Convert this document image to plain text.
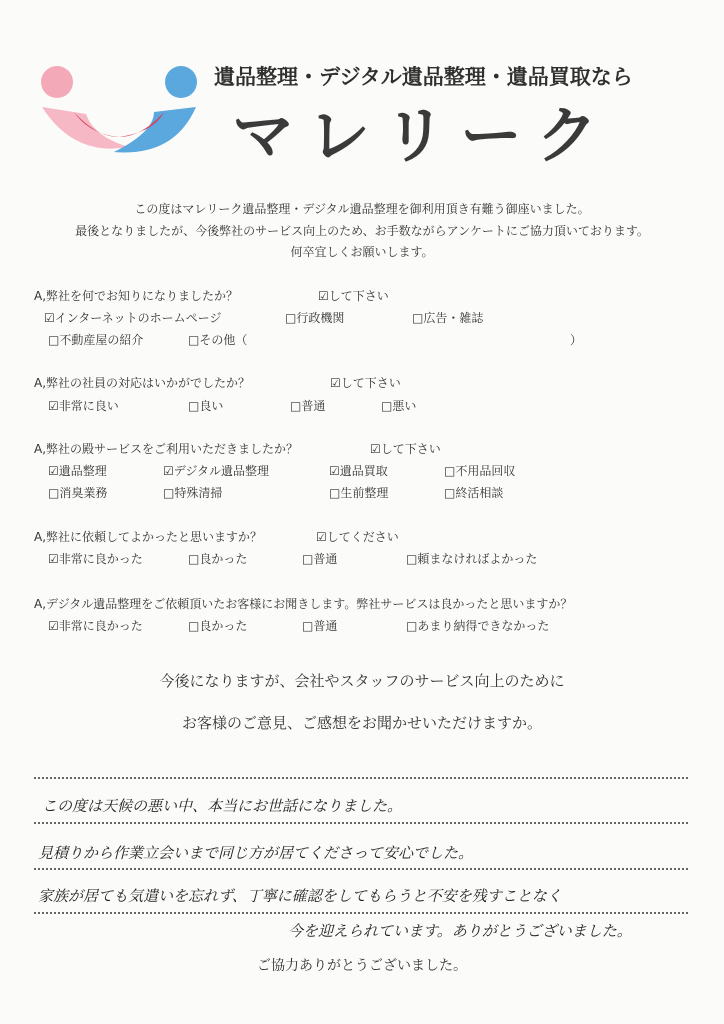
遺品整理・デジタル遺品整理・遺品買取なら
マレリーク
この度はマレリーク遺品整理・デジタル遺品整理を御利用頂き有難う御座いました。
最後となりましたが、今後弊社のサービス向上のため、お手数ながらアンケートにご協力頂いております。
何卒宜しくお願いします。
A,弊社を何でお知りになりましたか？	☑して下さい
☑インターネットのホームページ	□行政機関	□広告・雑誌
□不動産屋の紹介	□その他（	）
A,弊社の社員の対応はいかがでしたか？	☑して下さい
☑非常に良い	□良い	□普通	□悪い
A,弊社の殿サービスをご利用いただきましたか？	☑して下さい
☑遺品整理	☑デジタル遺品整理	☑遺品買取	□不用品回収
□消臭業務	□特殊清掃	□生前整理	□終活相談
A,弊社に依頼してよかったと思いますか？	☑してください
☑非常に良かった	□良かった	□普通	□頼まなければよかった
A,デジタル遺品整理をご依頼頂いたお客様にお聞きします。弊社サービスは良かったと思いますか？
☑非常に良かった	□良かった	□普通	□あまり納得できなかった
今後になりますが、会社やスタッフのサービス向上のために
お客様のご意見、ご感想をお聞かせいただけますか。
この度は天候の悪い中、本当にお世話になりました。
見積りから作業立会いまで同じ方が居てくださって安心でした。
家族が居ても気遣いを忘れず、丁寧に確認をしてもらうと不安を残すことなく
今を迎えられています。ありがとうございました。
ご協力ありがとうございました。
